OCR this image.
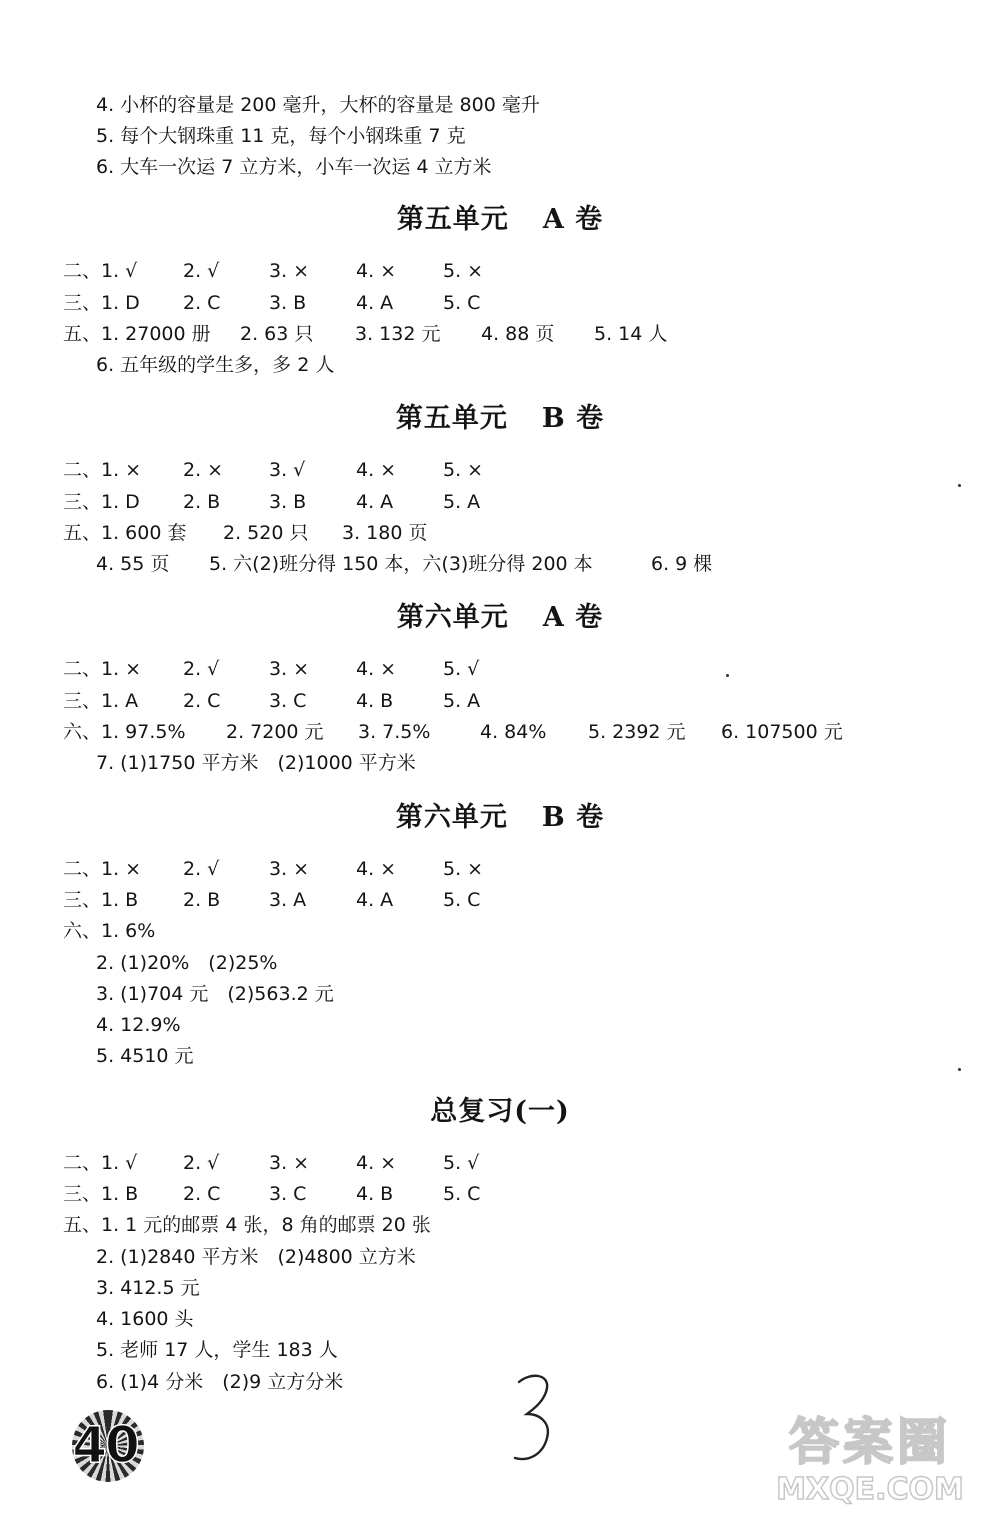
4. 小杯的容量是 200 毫升，大杯的容量是 800 毫升
5. 每个大钢珠重 11 克，每个小钢珠重 7 克
6. 大车一次运 7 立方米，小车一次运 4 立方米
第五单元 A 卷
二、1. √ 2. √	3. × 4. × 5. ×
三、1. D 2. C	3. B	4. A	5. C
五、1. 27000 册 2. 63 只 3. 132 元 4. 88 页 5. 14 人
6. 五年级的学生多，多 2 人
第五单元 B 卷
二、1. × 2. × 3. √	4. × 5. ×
三、1. D 2. B	3. B	4. A	5. A
五、1. 600 套 2. 520 只 3. 180 页
4. 55 页 5. 六(2)班分得 150 本，六(3)班分得 200 本	6. 9 棵
第六单元 A 卷
二、1. × 2. √	3. × 4. × 5. √
三、1. A 2. C	3. C	4. B	5. A
六、1. 97.5% 2. 7200 元 3. 7.5%	4. 84% 5. 2392 元 6. 107500 元
7. (1)1750 平方米　(2)1000 平方米
第六单元 B 卷
二、1. × 2. √	3. × 4. × 5. ×
三、1. B 2. B	3. A	4. A	5. C
六、1. 6%
2. (1)20%　(2)25%
3. (1)704 元　(2)563.2 元
4. 12.9%
5. 4510 元
总复习(一)
二、1. √ 2. √	3. × 4. × 5. √
三、1. B 2. C	3. C	4. B	5. C
五、1. 1 元的邮票 4 张，8 角的邮票 20 张
2. (1)2840 平方米　(2)4800 立方米
3. 412.5 元
4. 1600 头
5. 老师 17 人，学生 183 人
6. (1)4 分米　(2)9 立方分米
40	答案圈
MXQE.COM
